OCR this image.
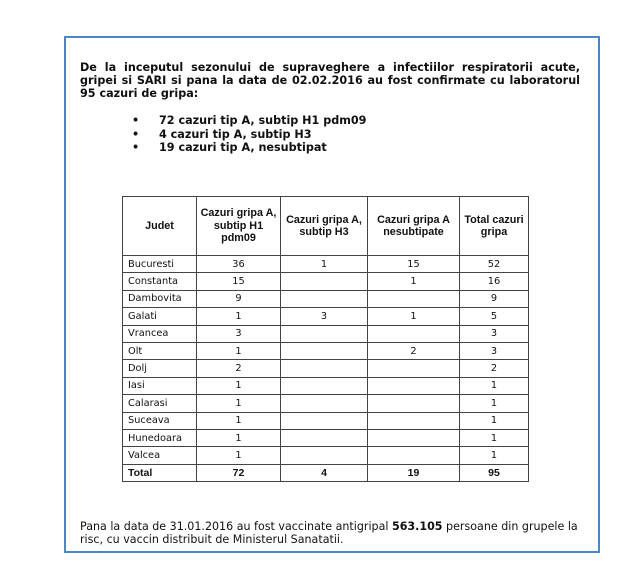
De la inceputul sezonului de supraveghere a infectiilor respiratorii acute,
gripei si SARI si pana la data de 02.02.2016 au fost confirmate cu laboratorul
95 cazuri de gripa:

• 72 cazuri tip A, subtip H1 pdm09
• 4 cazuri tip A, subtip H3
• 19 cazuri tip A, nesubtipat
Judet	Cazuri gripa A, subtip H1 pdm09	Cazuri gripa A, subtip H3	Cazuri gripa A nesubtipate	Total cazuri gripa
Bucuresti	36	1	15	52
Constanta	15		1	16
Dambovita	9			9
Galati	1	3	1	5
Vrancea	3			3
Olt	1		2	3
Dolj	2			2
Iasi	1			1
Calarasi	1			1
Suceava	1			1
Hunedoara	1			1
Valcea	1			1
Total	72	4	19	95
Pana la data de 31.01.2016 au fost vaccinate antigripal 563.105 persoane din grupele la risc, cu vaccin distribuit de Ministerul Sanatatii.
